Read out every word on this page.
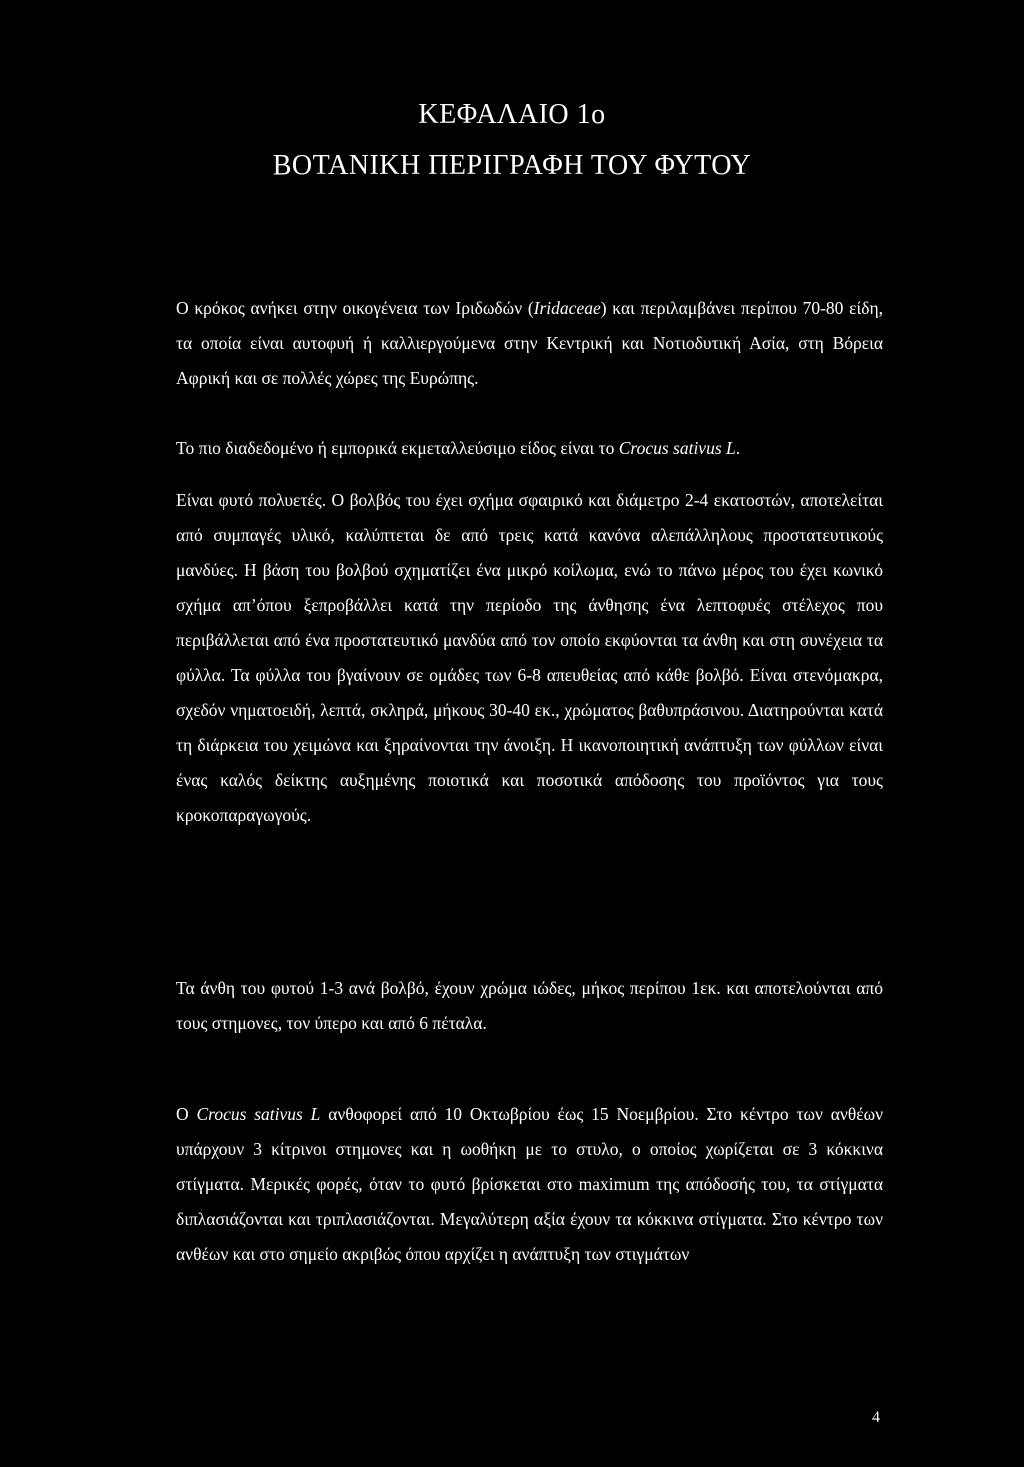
ΚΕΦΑΛΑΙΟ 1ο
ΒΟΤΑΝΙΚΗ ΠΕΡΙΓΡΑΦΗ ΤΟΥ ΦΥΤΟΥ

Ο κρόκος ανήκει στην οικογένεια των Ιριδωδών (Iridaceae) και περιλαμβάνει περίπου 70-80 είδη, τα οποία είναι αυτοφυή ή καλλιεργούμενα στην Κεντρική και Νοτιοδυτική Ασία, στη Βόρεια Αφρική και σε πολλές χώρες της Ευρώπης.

Το πιο διαδεδομένο ή εμπορικά εκμεταλλεύσιμο είδος είναι το Crocus sativus L.

Είναι φυτό πολυετές. Ο βολβός του έχει σχήμα σφαιρικό και διάμετρο 2-4 εκατοστών, αποτελείται από συμπαγές υλικό, καλύπτεται δε από τρεις κατά κανόνα αλεπάλληλους προστατευτικούς μανδύες. Η βάση του βολβού σχηματίζει ένα μικρό κοίλωμα, ενώ το πάνω μέρος του έχει κωνικό σχήμα απ’όπου ξεπροβάλλει κατά την περίοδο της άνθησης ένα λεπτοφυές στέλεχος που περιβάλλεται από ένα προστατευτικό μανδύα από τον οποίο εκφύονται τα άνθη και στη συνέχεια τα φύλλα. Τα φύλλα του βγαίνουν σε ομάδες των 6-8 απευθείας από κάθε βολβό. Είναι στενόμακρα, σχεδόν νηματοειδή, λεπτά, σκληρά, μήκους 30-40 εκ., χρώματος βαθυπράσινου. Διατηρούνται κατά τη διάρκεια του χειμώνα και ξηραίνονται την άνοιξη. Η ικανοποιητική ανάπτυξη των φύλλων είναι ένας καλός δείκτης αυξημένης ποιοτικά και ποσοτικά απόδοσης του προϊόντος για τους κροκοπαραγωγούς.

Τα άνθη του φυτού 1-3 ανά βολβό, έχουν χρώμα ιώδες, μήκος περίπου 1εκ. και αποτελούνται από τους στημονες, τον ύπερο και από 6 πέταλα.

Ο Crocus sativus L ανθοφορεί από 10 Οκτωβρίου έως 15 Νοεμβρίου. Στο κέντρο των ανθέων υπάρχουν 3 κίτρινοι στημονες και η ωοθήκη με το στυλο, ο οποίος χωρίζεται σε 3 κόκκινα στίγματα. Μερικές φορές, όταν το φυτό βρίσκεται στο maximum της απόδοσής του, τα στίγματα διπλασιάζονται και τριπλασιάζονται. Μεγαλύτερη αξία έχουν τα κόκκινα στίγματα. Στο κέντρο των ανθέων και στο σημείο ακριβώς όπου αρχίζει η ανάπτυξη των στιγμάτων

4
